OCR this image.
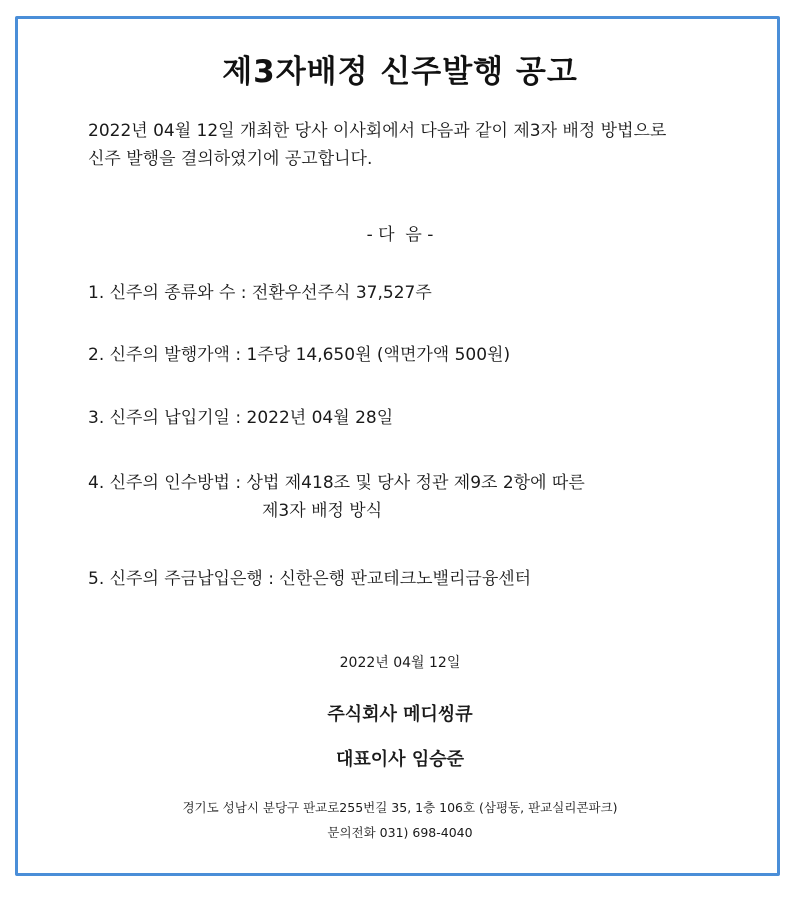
제3자배정 신주발행 공고
2022년 04월 12일 개최한 당사 이사회에서 다음과 같이 제3자 배정 방법으로
신주 발행을 결의하였기에 공고합니다.
- 다  음 -
1. 신주의 종류와 수 : 전환우선주식 37,527주
2. 신주의 발행가액 : 1주당 14,650원 (액면가액 500원)
3. 신주의 납입기일 : 2022년 04월 28일
4. 신주의 인수방법 : 상법 제418조 및 당사 정관 제9조 2항에 따른
제3자 배정 방식
5. 신주의 주금납입은행 : 신한은행 판교테크노밸리금융센터
2022년 04월 12일
주식회사 메디씽큐
대표이사 임승준
경기도 성남시 분당구 판교로255번길 35, 1층 106호 (삼평동, 판교실리콘파크)
문의전화 031) 698-4040
